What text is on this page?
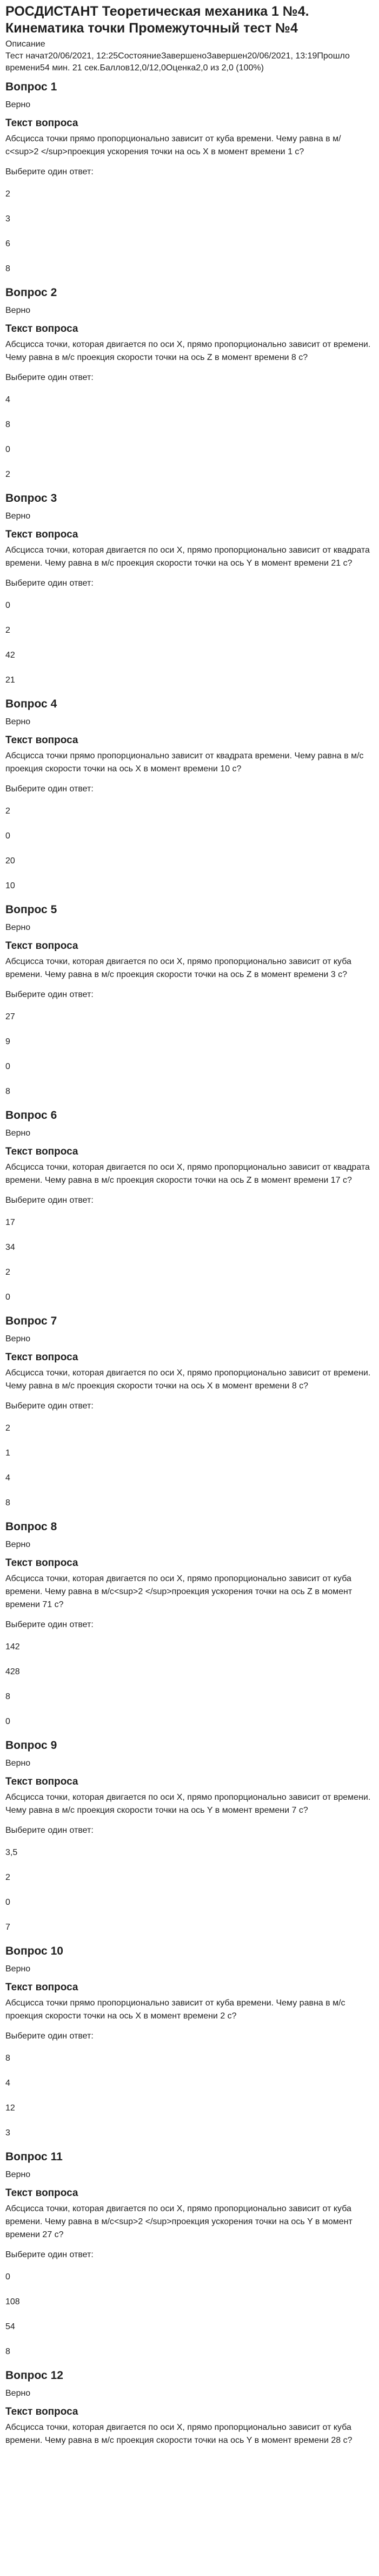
РОСДИСТАНТ Теоретическая механика 1 №4. Кинематика точки Промежуточный тест №4
Описание
Тест начат20/06/2021, 12:25СостояниеЗавершеноЗавершен20/06/2021, 13:19Прошло времени54 мин. 21 сек.Баллов12,0/12,0Оценка2,0 из 2,0 (100%)
Вопрос 1
Верно
Текст вопроса
Абсцисса точки прямо пропорционально зависит от куба времени. Чему равна в м/с<sup>2 </sup>проекция ускорения точки на ось X в момент времени 1 с?
Выберите один ответ:
2
3
6
8
Вопрос 2
Верно
Текст вопроса
Абсцисса точки, которая двигается по оси X, прямо пропорционально зависит от времени. Чему равна в м/с проекция скорости точки на ось Z в момент времени 8 с?
Выберите один ответ:
4
8
0
2
Вопрос 3
Верно
Текст вопроса
Абсцисса точки, которая двигается по оси X, прямо пропорционально зависит от квадрата времени. Чему равна в м/с проекция скорости точки на ось Y в момент времени 21 с?
Выберите один ответ:
0
2
42
21
Вопрос 4
Верно
Текст вопроса
Абсцисса точки прямо пропорционально зависит от квадрата времени. Чему равна в м/с проекция скорости точки на ось X в момент времени 10 с?
Выберите один ответ:
2
0
20
10
Вопрос 5
Верно
Текст вопроса
Абсцисса точки, которая двигается по оси X, прямо пропорционально зависит от куба времени. Чему равна в м/с проекция скорости точки на ось Z в момент времени 3 с?
Выберите один ответ:
27
9
0
8
Вопрос 6
Верно
Текст вопроса
Абсцисса точки, которая двигается по оси X, прямо пропорционально зависит от квадрата времени. Чему равна в м/с проекция скорости точки на ось Z в момент времени 17 с?
Выберите один ответ:
17
34
2
0
Вопрос 7
Верно
Текст вопроса
Абсцисса точки, которая двигается по оси X, прямо пропорционально зависит от времени. Чему равна в м/с проекция скорости точки на ось X в момент времени 8 с?
Выберите один ответ:
2
1
4
8
Вопрос 8
Верно
Текст вопроса
Абсцисса точки, которая двигается по оси X, прямо пропорционально зависит от куба времени. Чему равна в м/с<sup>2 </sup>проекция ускорения точки на ось Z в момент времени 71 с?
Выберите один ответ:
142
428
8
0
Вопрос 9
Верно
Текст вопроса
Абсцисса точки, которая двигается по оси X, прямо пропорционально зависит от времени. Чему равна в м/с проекция скорости точки на ось Y в момент времени 7 с?
Выберите один ответ:
3,5
2
0
7
Вопрос 10
Верно
Текст вопроса
Абсцисса точки прямо пропорционально зависит от куба времени. Чему равна в м/с проекция скорости точки на ось X в момент времени 2 с?
Выберите один ответ:
8
4
12
3
Вопрос 11
Верно
Текст вопроса
Абсцисса точки, которая двигается по оси X, прямо пропорционально зависит от куба времени. Чему равна в м/с<sup>2 </sup>проекция ускорения точки на ось Y в момент времени 27 с?
Выберите один ответ:
0
108
54
8
Вопрос 12
Верно
Текст вопроса
Абсцисса точки, которая двигается по оси X, прямо пропорционально зависит от куба времени. Чему равна в м/с проекция скорости точки на ось Y в момент времени 28 с?
